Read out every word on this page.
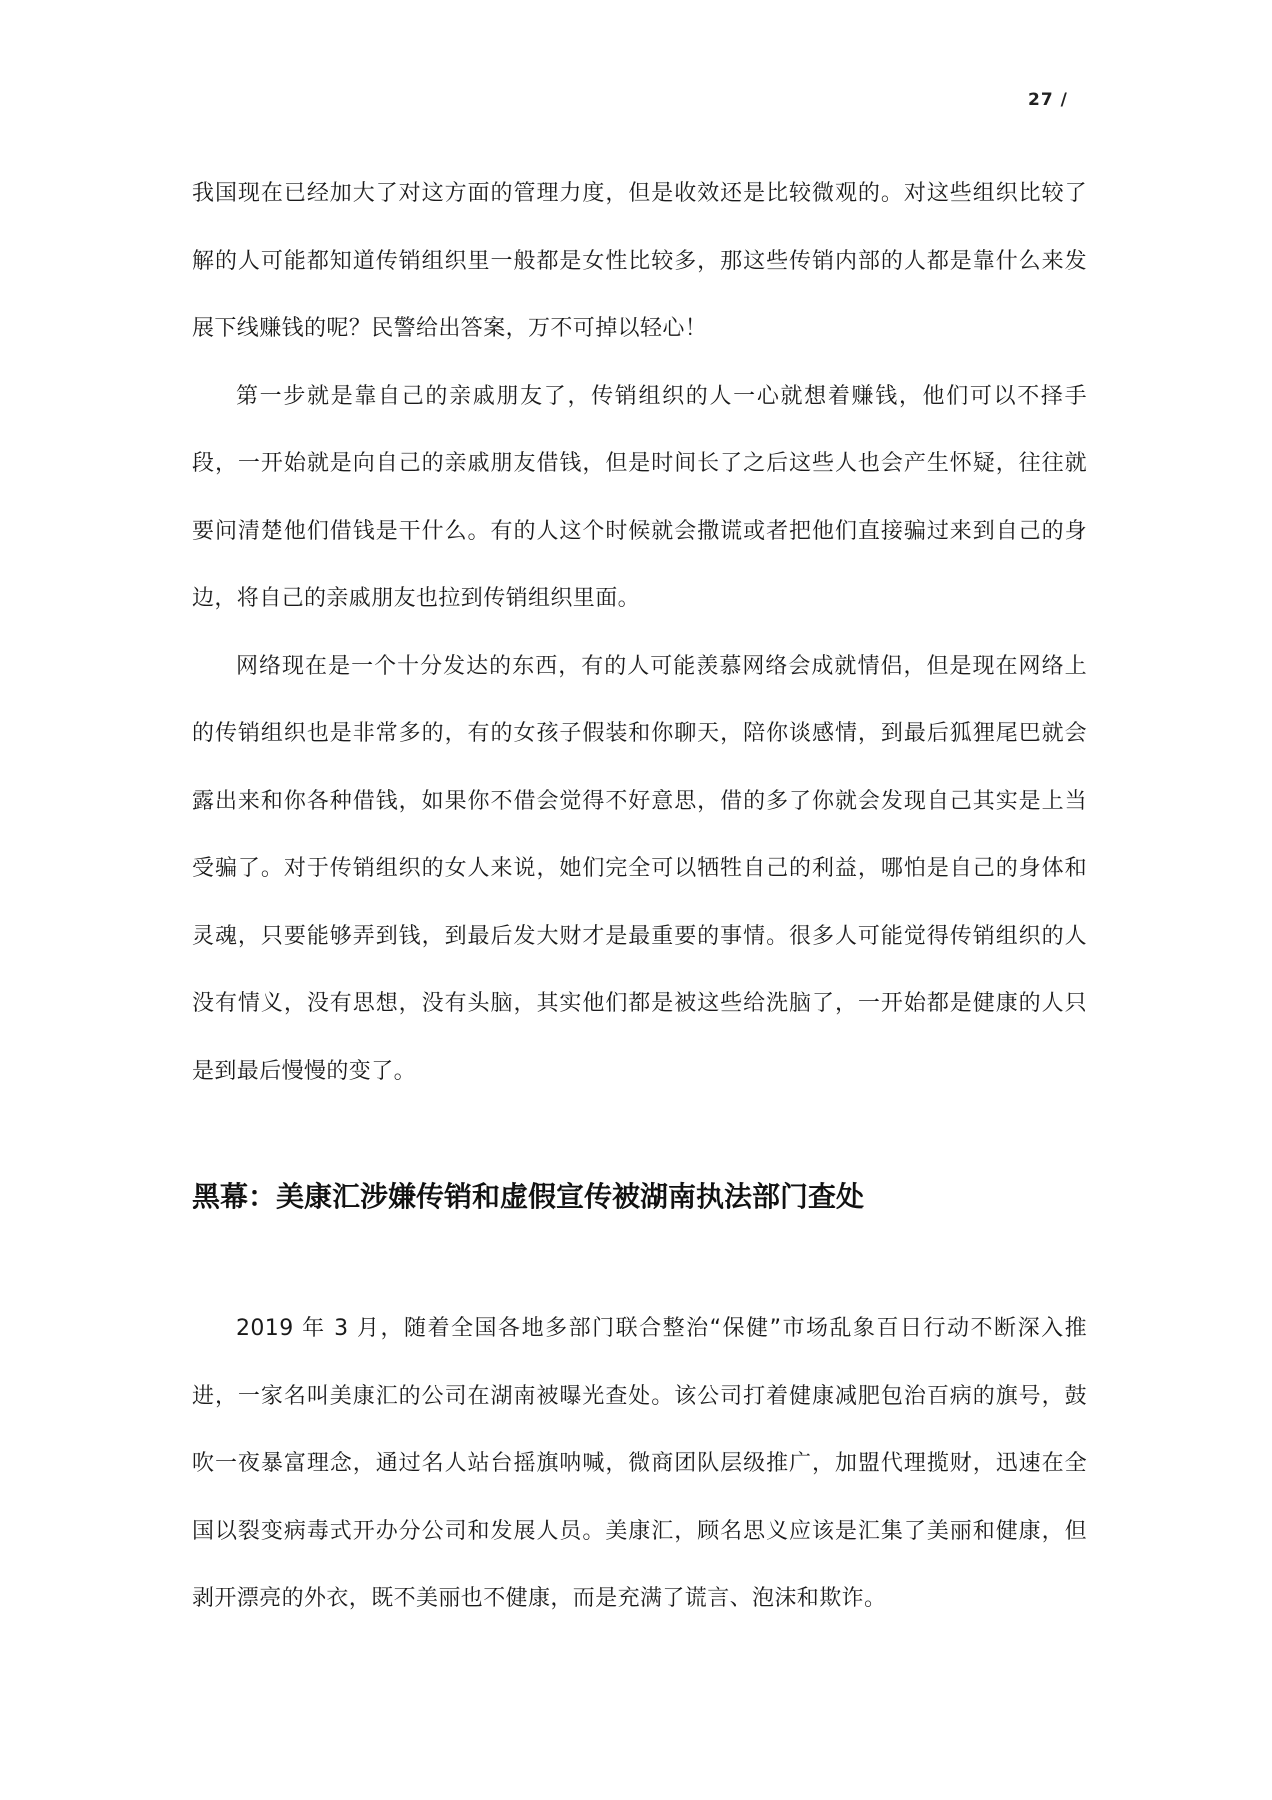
27 /

我国现在已经加大了对这方面的管理力度，但是收效还是比较微观的。对这些组织比较了解的人可能都知道传销组织里一般都是女性比较多，那这些传销内部的人都是靠什么来发展下线赚钱的呢？民警给出答案，万不可掉以轻心！

第一步就是靠自己的亲戚朋友了，传销组织的人一心就想着赚钱，他们可以不择手段，一开始就是向自己的亲戚朋友借钱，但是时间长了之后这些人也会产生怀疑，往往就要问清楚他们借钱是干什么。有的人这个时候就会撒谎或者把他们直接骗过来到自己的身边，将自己的亲戚朋友也拉到传销组织里面。

网络现在是一个十分发达的东西，有的人可能羡慕网络会成就情侣，但是现在网络上的传销组织也是非常多的，有的女孩子假装和你聊天，陪你谈感情，到最后狐狸尾巴就会露出来和你各种借钱，如果你不借会觉得不好意思，借的多了你就会发现自己其实是上当受骗了。对于传销组织的女人来说，她们完全可以牺牲自己的利益，哪怕是自己的身体和灵魂，只要能够弄到钱，到最后发大财才是最重要的事情。很多人可能觉得传销组织的人没有情义，没有思想，没有头脑，其实他们都是被这些给洗脑了，一开始都是健康的人只是到最后慢慢的变了。

黑幕：美康汇涉嫌传销和虚假宣传被湖南执法部门查处

2019 年 3 月，随着全国各地多部门联合整治“保健”市场乱象百日行动不断深入推进，一家名叫美康汇的公司在湖南被曝光查处。该公司打着健康减肥包治百病的旗号，鼓吹一夜暴富理念，通过名人站台摇旗呐喊，微商团队层级推广，加盟代理揽财，迅速在全国以裂变病毒式开办分公司和发展人员。美康汇，顾名思义应该是汇集了美丽和健康，但剥开漂亮的外衣，既不美丽也不健康，而是充满了谎言、泡沫和欺诈。
